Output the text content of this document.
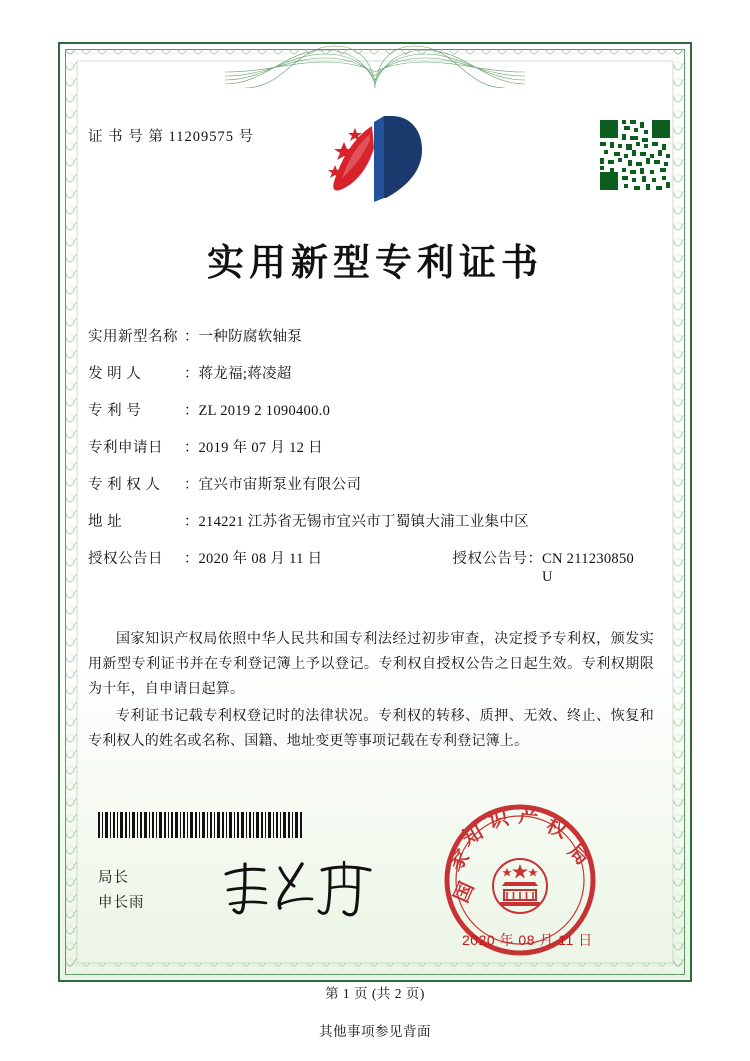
证 书 号 第 11209575 号
实用新型专利证书
实用新型名称 ： 一种防腐软轴泵
发 明 人	： 蒋龙福;蒋凌超
专 利 号	： ZL 2019 2 1090400.0
专利申请日	： 2019 年 07 月 12 日
专 利 权 人	： 宜兴市宙斯泵业有限公司
地 址	： 214221 江苏省无锡市宜兴市丁蜀镇大浦工业集中区
授权公告日	： 2020 年 08 月 11 日	授权公告号 ： CN 211230850 U

国家知识产权局依照中华人民共和国专利法经过初步审查，决定授予专利权，颁发实用新型专利证书并在专利登记簿上予以登记。专利权自授权公告之日起生效。专利权期限为十年，自申请日起算。

专利证书记载专利权登记时的法律状况。专利权的转移、质押、无效、终止、恢复和专利权人的姓名或名称、国籍、地址变更等事项记载在专利登记簿上。

局长
申长雨	国
家
知
识 产 权
局
2020 年 08 月 11 日
第 1 页 (共 2 页)
其他事项参见背面
